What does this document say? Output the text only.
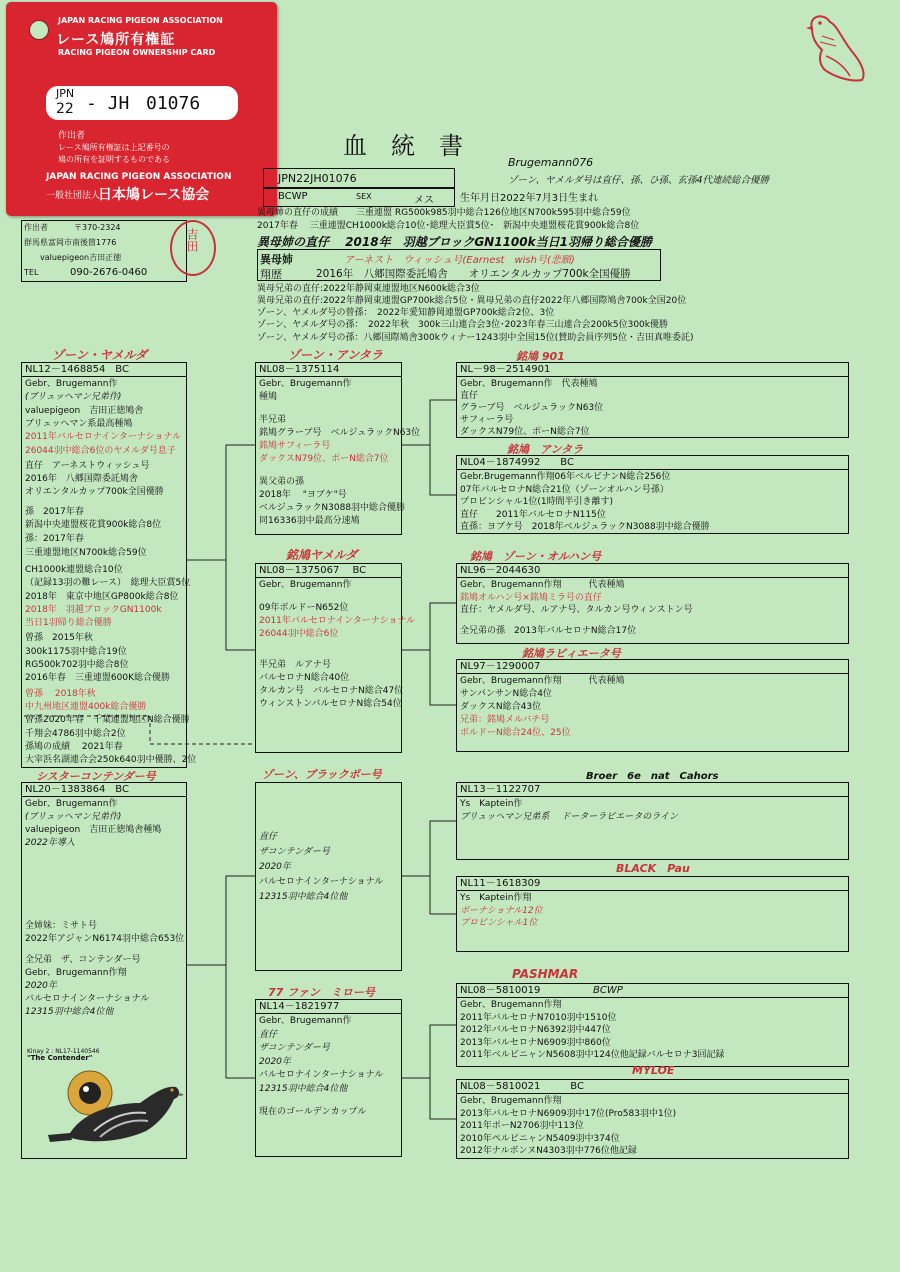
JAPAN RACING PIGEON ASSOCIATION
レース鳩所有権証
RACING PIGEON OWNERSHIP CARD
JPN
22 - JH 01076
作出者
レース鳩所有権証は上記番号の
鳩の所有を証明するものである
JAPAN RACING PIGEON ASSOCIATION
一般社団法人
日本鳩レース協会
血　統　書
Brugemann076
ゾーン、ヤメルダ号は直仔、孫、ひ孫、玄孫4代連続総合優勝
JPN22JH01076
BCWP	SEX	メス	生年月日2022年7月3日生まれ
作出者	〒370-2324
群馬県富岡市南後箇1776
valuepigeon吉田正徳
TEL	090-2676-0460
吉田
異母姉の直仔の成績　　三重連盟 RG500k985羽中総合126位地区N700k595羽中総合59位
2017年春　 三重連盟CH1000k総合10位･総理大臣賞5位･　新潟中央連盟桜花賞900k総合8位
異母姉の直仔　 2018年　羽越ブロックGN1100k当日1羽帰り総合優勝
異母姉	アーネスト　ウィッシュ号(Earnest　wish号(悲願)
翔歴	2016年　八郷国際委託鳩舎　　オリエンタルカップ700k全国優勝
異母兄弟の直仔:2022年静岡東連盟地区N600k総合3位
異母兄弟の直仔:2022年静岡東連盟GP700k総合5位・異母兄弟の直仔2022年八郷国際鳩舎700k全国20位
ゾーン、ヤメルダ号の曾孫：　2022年愛知静岡連盟GP700k総合2位、3位
ゾーン、ヤメルダ号の孫：　2022年秋　300k三山連合会3位･2023年春三山連合会200k5位300k優勝
ゾーン、ヤメルダ号の孫：八郷国際鳩舎300kウィナー1243羽中全国15位(賛助会員序列5位・吉田真唯委託)
ゾーン・ヤメルダ
NL12－1468854　BC
Gebr、Brugemann作
(ブリュッヘマン兄弟作)
valuepigeon　吉田正徳鳩舎
ブリュッヘマン系最高種鳩
2011年バルセロナインターナショナル
26044羽中総合6位のヤメルダ号息子
直仔　アーネストウィッシュ号
2016年　八郷国際委託鳩舎
オリエンタルカップ700k全国優勝
孫　2017年春
新潟中央連盟桜花賞900k総合8位
孫：2017年春
三重連盟地区N700k総合59位
CH1000k連盟総合10位
（記録13羽の難レース）　総理大臣賞5位
2018年　東京中地区GP800k総合8位
2018年　羽越ブロックGN1100k
当日1羽帰り総合優勝
曾孫　2015年秋
300k1175羽中総合19位
RG500k702羽中総合8位
2016年春　三重連盟600K総合優勝
曾孫　 2018年秋
中九州地区連盟400k総合優勝
曾孫2020年春　千葉連盟地区N総合優勝
千翔会4786羽中総合2位
孫鳩の成績　 2021年春
大宰浜名湖連合会250k640羽中優勝、2位
シスターコンテンダー号
NL20－1383864　BC
Gebr、Brugemann作
(ブリュッヘマン兄弟作)
valuepigeon　吉田正徳鳩舎種鳩
2022年導入
全姉妹：ミサト号
2022年アジャンN6174羽中総合653位
全兄弟　ザ、コンテンダー号
Gebr、Brugemann作翔
2020年
バルセロナインターナショナル
12315羽中総合4位他
Kinay 2 : NL17-1140546
"The Contender"
ゾーン・アンタラ
NL08－1375114
Gebr、Brugemann作
種鳩
半兄弟
銘鳩グラーブ号　ベルジュラックN63位
銘鳩サフィーラ号
ダックスN79位、ポーN総合7位
異父弟の孫
2018年　 "ヨブケ"号
ベルジュラックN3088羽中総合優勝
同16336羽中最高分速鳩
銘鳩ヤメルダ
NL08－1375067　 BC
Gebr、Brugemann作
09年ボルドーN652位
2011年バルセロナインターナショナル
26044羽中総合6位
半兄弟　ルアナ号
バルセロナN総合40位
タルカン号　バルセロナN総合47位
ウィンストンバルセロナN総合54位
ゾーン、ブラックポー号
直仔
ザコンテンダー号
2020年
バルセロナインターナショナル
12315羽中総合4位他
77 ファン　ミロー号
NL14－1821977
Gebr、Brugemann作
直仔
ザコンテンダー号
2020年
バルセロナインターナショナル
12315羽中総合4位他
現在のゴールデンカップル
銘鳩 901
NL－98－2514901
Gebr、Brugemann作　代表種鳩
直仔
グラーブ号　ベルジュラックN63位
サフィーラ号
ダックスN79位、ポーN総合7位
銘鳩　アンタラ
NL04－1874992　　BC
Gebr.Brugemann作翔06年ベルビナンN総合256位
07年バルセロナN総合21位（ゾーンオルハン号孫）
プロビンシャル1位(1時間半引き離す)
直仔　　2011年バルセロナN115位
直孫：ヨブケ号　2018年ベルジュラックN3088羽中総合優勝
銘鳩　ゾーン・オルハン号
NL96－2044630
Gebr、Brugemann作翔　　　代表種鳩
銘鳩オルハン号×銘鳩ミラ号の直仔
直仔：ヤメルダ号、ルアナ号、タルカン号ウィンストン号
全兄弟の孫　2013年バルセロナN総合17位
銘鳩ラビィエータ号
NL97－1290007
Gebr、Brugemann作翔　　　代表種鳩
サンパンサンN総合4位
ダックスN総合43位
兄弟：銘鳩メルバチ号
ボルドーN総合24位、25位
Broer　6e　nat　Cahors
NL13－1122707
Ys　Kaptein作
ブリュッヘマン兄弟系　 ドーターラビエータのライン
BLACK　Pau
NL11－1618309
Ys　Kaptein作翔
ポーナショナル12位
プロビンシャル1位
PASHMAR
NL08－5810019	BCWP
Gebr、Brugemann作翔
2011年バルセロナN7010羽中1510位
2012年バルセロナN6392羽中447位
2013年バルセロナN6909羽中860位
2011年ベルビニャンN5608羽中124位他記録バルセロナ3回記録
MYLOE
NL08－5810021　　　BC
Gebr、Brugemann作翔
2013年バルセロナN6909羽中17位(Pro583羽中1位)
2011年ポーN2706羽中113位
2010年ペルピニャンN5409羽中374位
2012年ナルボンヌN4303羽中776位他記録
